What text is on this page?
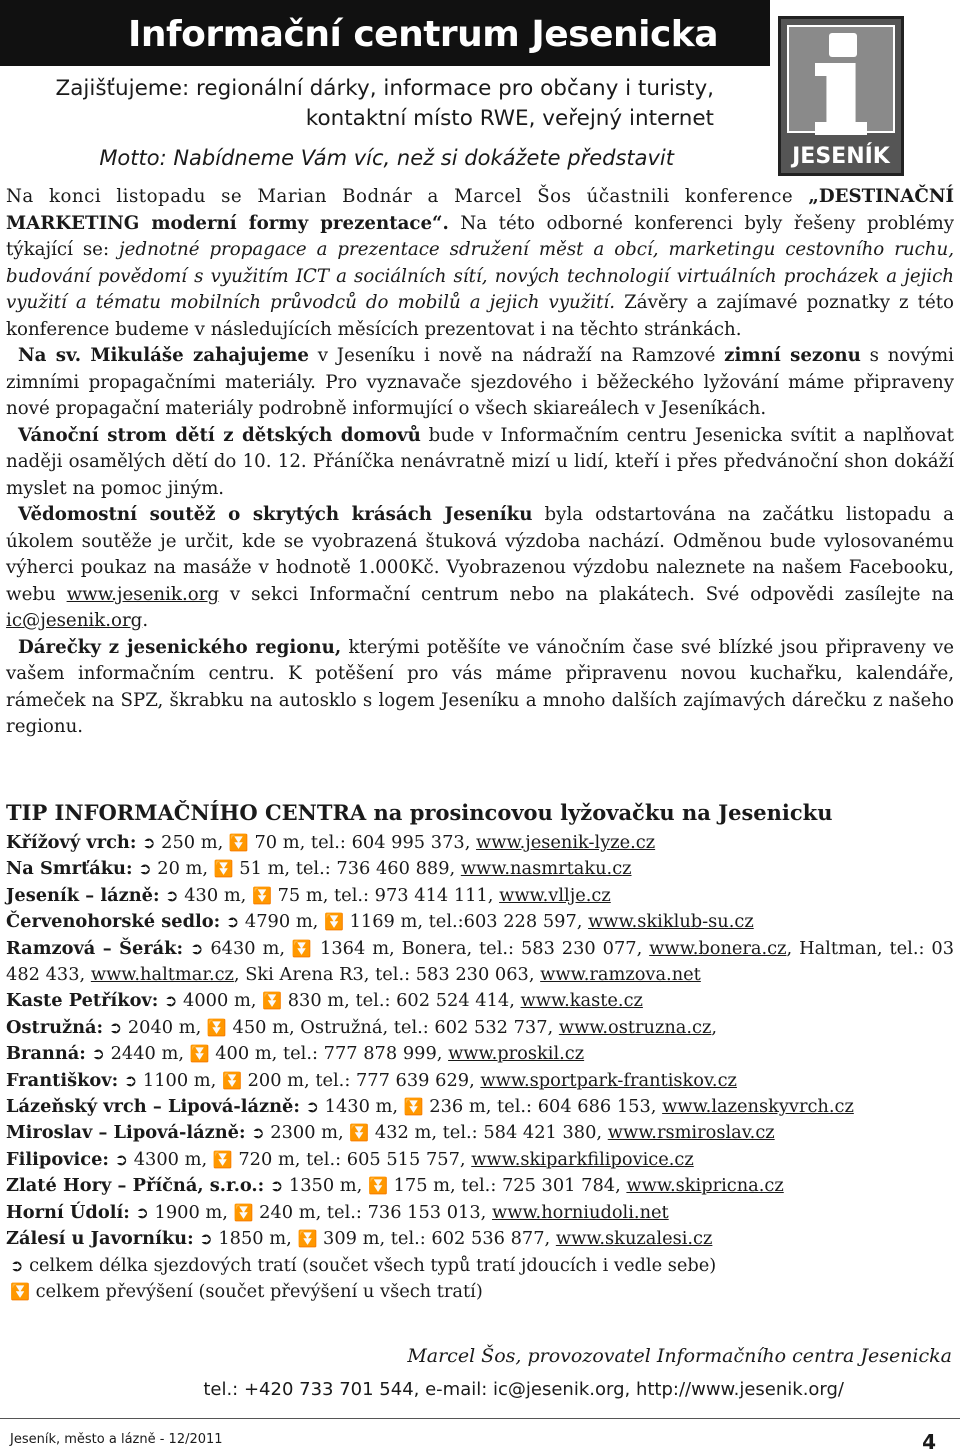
Informační centrum Jesenicka
JESENÍK
Zajišťujeme: regionální dárky, informace pro občany i turisty,
kontaktní místo RWE, veřejný internet
Motto: Nabídneme Vám víc, než si dokážete představit

Na konci listopadu se Marian Bodnár a Marcel Šos účastnili konference „DESTINAČNÍ MARKETING moderní formy prezentace“. Na této odborné konferenci byly řešeny problémy týkající se: jednotné propagace a prezentace sdružení měst a obcí, marketingu cestovního ruchu, budování povědomí s využitím ICT a sociálních sítí, nových technologií virtuálních procházek a jejich využití a tématu mobilních průvodců do mobilů a jejich využití. Závěry a zajímavé poznatky z této konference budeme v následujících měsících prezentovat i na těchto stránkách.

Na sv. Mikuláše zahajujeme v Jeseníku i nově na nádraží na Ramzové zimní sezonu s novými zimními propagačními materiály. Pro vyznavače sjezdového i běžeckého lyžování máme připraveny nové propagační materiály podrobně informující o všech skiareálech v Jeseníkách.

Vánoční strom dětí z dětských domovů bude v Informačním centru Jesenicka svítit a naplňovat naději osamělých dětí do 10. 12. Přáníčka nenávratně mizí u lidí, kteří i přes předvánoční shon dokáží myslet na pomoc jiným.

Vědomostní soutěž o skrytých krásách Jeseníku byla odstartována na začátku listopadu a úkolem soutěže je určit, kde se vyobrazená štuková výzdoba nachází. Odměnou bude vylosovanému výherci poukaz na masáže v hodnotě 1.000Kč. Vyobrazenou výzdobu naleznete na našem Facebooku, webu www.jesenik.org v sekci Informační centrum nebo na plakátech. Své odpovědi zasílejte na ic@jesenik.org.

Dárečky z jesenického regionu, kterými potěšíte ve vánočním čase své blízké jsou připraveny ve vašem informačním centru. K potěšení pro vás máme připravenu novou kuchařku, kalendáře, rámeček na SPZ, škrabku na autosklo s logem Jeseníku a mnoho dalších zajímavých dárečku z našeho regionu.

TIP INFORMAČNÍHO CENTRA na prosincovou lyžovačku na Jesenicku
Křížový vrch: ➲ 250 m, ⏬ 70 m, tel.: 604 995 373, www.jesenik-lyze.cz
Na Smrťáku: ➲ 20 m, ⏬ 51 m, tel.: 736 460 889, www.nasmrtaku.cz
Jeseník – lázně: ➲ 430 m, ⏬ 75 m, tel.: 973 414 111, www.vllje.cz
Červenohorské sedlo: ➲ 4790 m, ⏬ 1169 m, tel.:603 228 597, www.skiklub-su.cz
Ramzová – Šerák: ➲ 6430 m, ⏬ 1364 m, Bonera, tel.: 583 230 077, www.bonera.cz, Haltman, tel.: 03 482 433, www.haltmar.cz, Ski Arena R3, tel.: 583 230 063, www.ramzova.net
Kaste Petříkov: ➲ 4000 m, ⏬ 830 m, tel.: 602 524 414, www.kaste.cz
Ostružná: ➲ 2040 m, ⏬ 450 m, Ostružná, tel.: 602 532 737, www.ostruzna.cz,
Branná: ➲ 2440 m, ⏬ 400 m, tel.: 777 878 999, www.proskil.cz
Františkov: ➲ 1100 m, ⏬ 200 m, tel.: 777 639 629, www.sportpark-frantiskov.cz
Lázeňský vrch – Lipová-lázně: ➲ 1430 m, ⏬ 236 m, tel.: 604 686 153, www.lazenskyvrch.cz
Miroslav – Lipová-lázně: ➲ 2300 m, ⏬ 432 m, tel.: 584 421 380, www.rsmiroslav.cz
Filipovice: ➲ 4300 m, ⏬ 720 m, tel.: 605 515 757, www.skiparkfilipovice.cz
Zlaté Hory – Příčná, s.r.o.: ➲ 1350 m, ⏬ 175 m, tel.: 725 301 784, www.skipricna.cz
Horní Údolí: ➲ 1900 m, ⏬ 240 m, tel.: 736 153 013, www.horniudoli.net
Zálesí u Javorníku: ➲ 1850 m, ⏬ 309 m, tel.: 602 536 877, www.skuzalesi.cz
➲ celkem délka sjezdových tratí (součet všech typů tratí jdoucích i vedle sebe)
⏬ celkem převýšení (součet převýšení u všech tratí)
Marcel Šos, provozovatel Informačního centra Jesenicka
tel.: +420 733 701 544, e-mail: ic@jesenik.org, http://www.jesenik.org/
Jeseník, město a lázně - 12/2011	4
